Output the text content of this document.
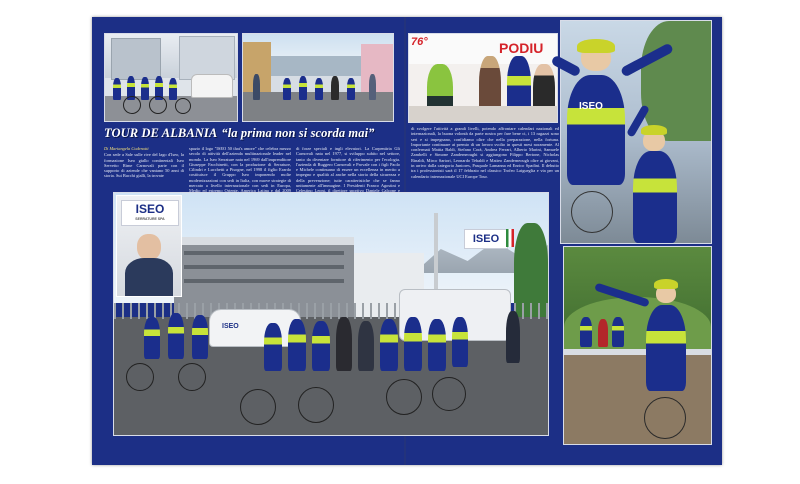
TOUR DE ALBANIA “la prima non si scorda mai”
Di Mariangela Codenotti
Con sede a Sale sulle rive del lago d'Iseo, la formazione Iseo giallo continentali Iseo Servetto Rime Carnovali parte con il supporto di aziende che vantano 50 anni di storia. Sui Bacchi gialli, la trovate
spazio il logo "ISEO 50 that's amore" che celebra mezzo secolo di attività dell'azienda multinazionale leader nel mondo. La Iseo Serrature nata nel 1969 dall'imprenditore Giuseppe Facchinetti, con la produzione di Serrature, Cilindri e Lucchetti a Pisogne, nel 1998 il figlio Erardo costituisce il Gruppo Iseo imponendo molte modernizzazioni con sedi in Italia, con nuove strategie di mercato a livello internazionale con sedi in Europa, Medio ed estremo Oriente, America Latina e dal 2009
di forze speciali e ingli elevatori. La Carpentiria Gli Carnovali nata nel 1977, si sviluppo subito nel settore, tanto da diventare fornitore di riferimento per l'ecologia. l'azienda di Ruggero Carnovali e Provale con i figli Paolo e Michele continuano di essere un eccellenza in merito a impegno e qualità al anche nella storia della sicurezza e della prevenzione; tutte caratteristiche che se fanno unitamente all'immagine. I Presidenti Franco Agostini e Celestino Leoni, il direttore sportivo Daniele Calcone e
di svolgere l'attività a grandi livelli, potendo affrontare calendari nazionali ed internazionali, la buona volontà da parte nostra per fare bene ci, i 13 ragazzi sono seri e si impegnano, confidiamo oltre che nella preparazione, nella fortuna. Importante continuare ai premio di un lavoro svolto in questi mesi noramente. Al confermati Mattia Baldi, Stefano Corà, Andrea Ferrari, Alberto Marini, Samuele Zambelli e Simone Zanderneoughi si aggiungono Filippo Bertone, Nicholas Rinaldi, Mirco Sartori, Leonardo Tebaldi e Matteo Zanderneough oltre ai giovani, in arrivo dalla categoria Juniores, Pasquale Lamanna ed Enrico Spadini. Il debutto tra i professionisti sarà il 17 febbraio nel classico Trofeo Laigueglia e via per un calendario internazionale UCI Europe Tour.
ISEO
ISEO
ISEO
SERRATURE SPA
76°	PODIU
ISEO
